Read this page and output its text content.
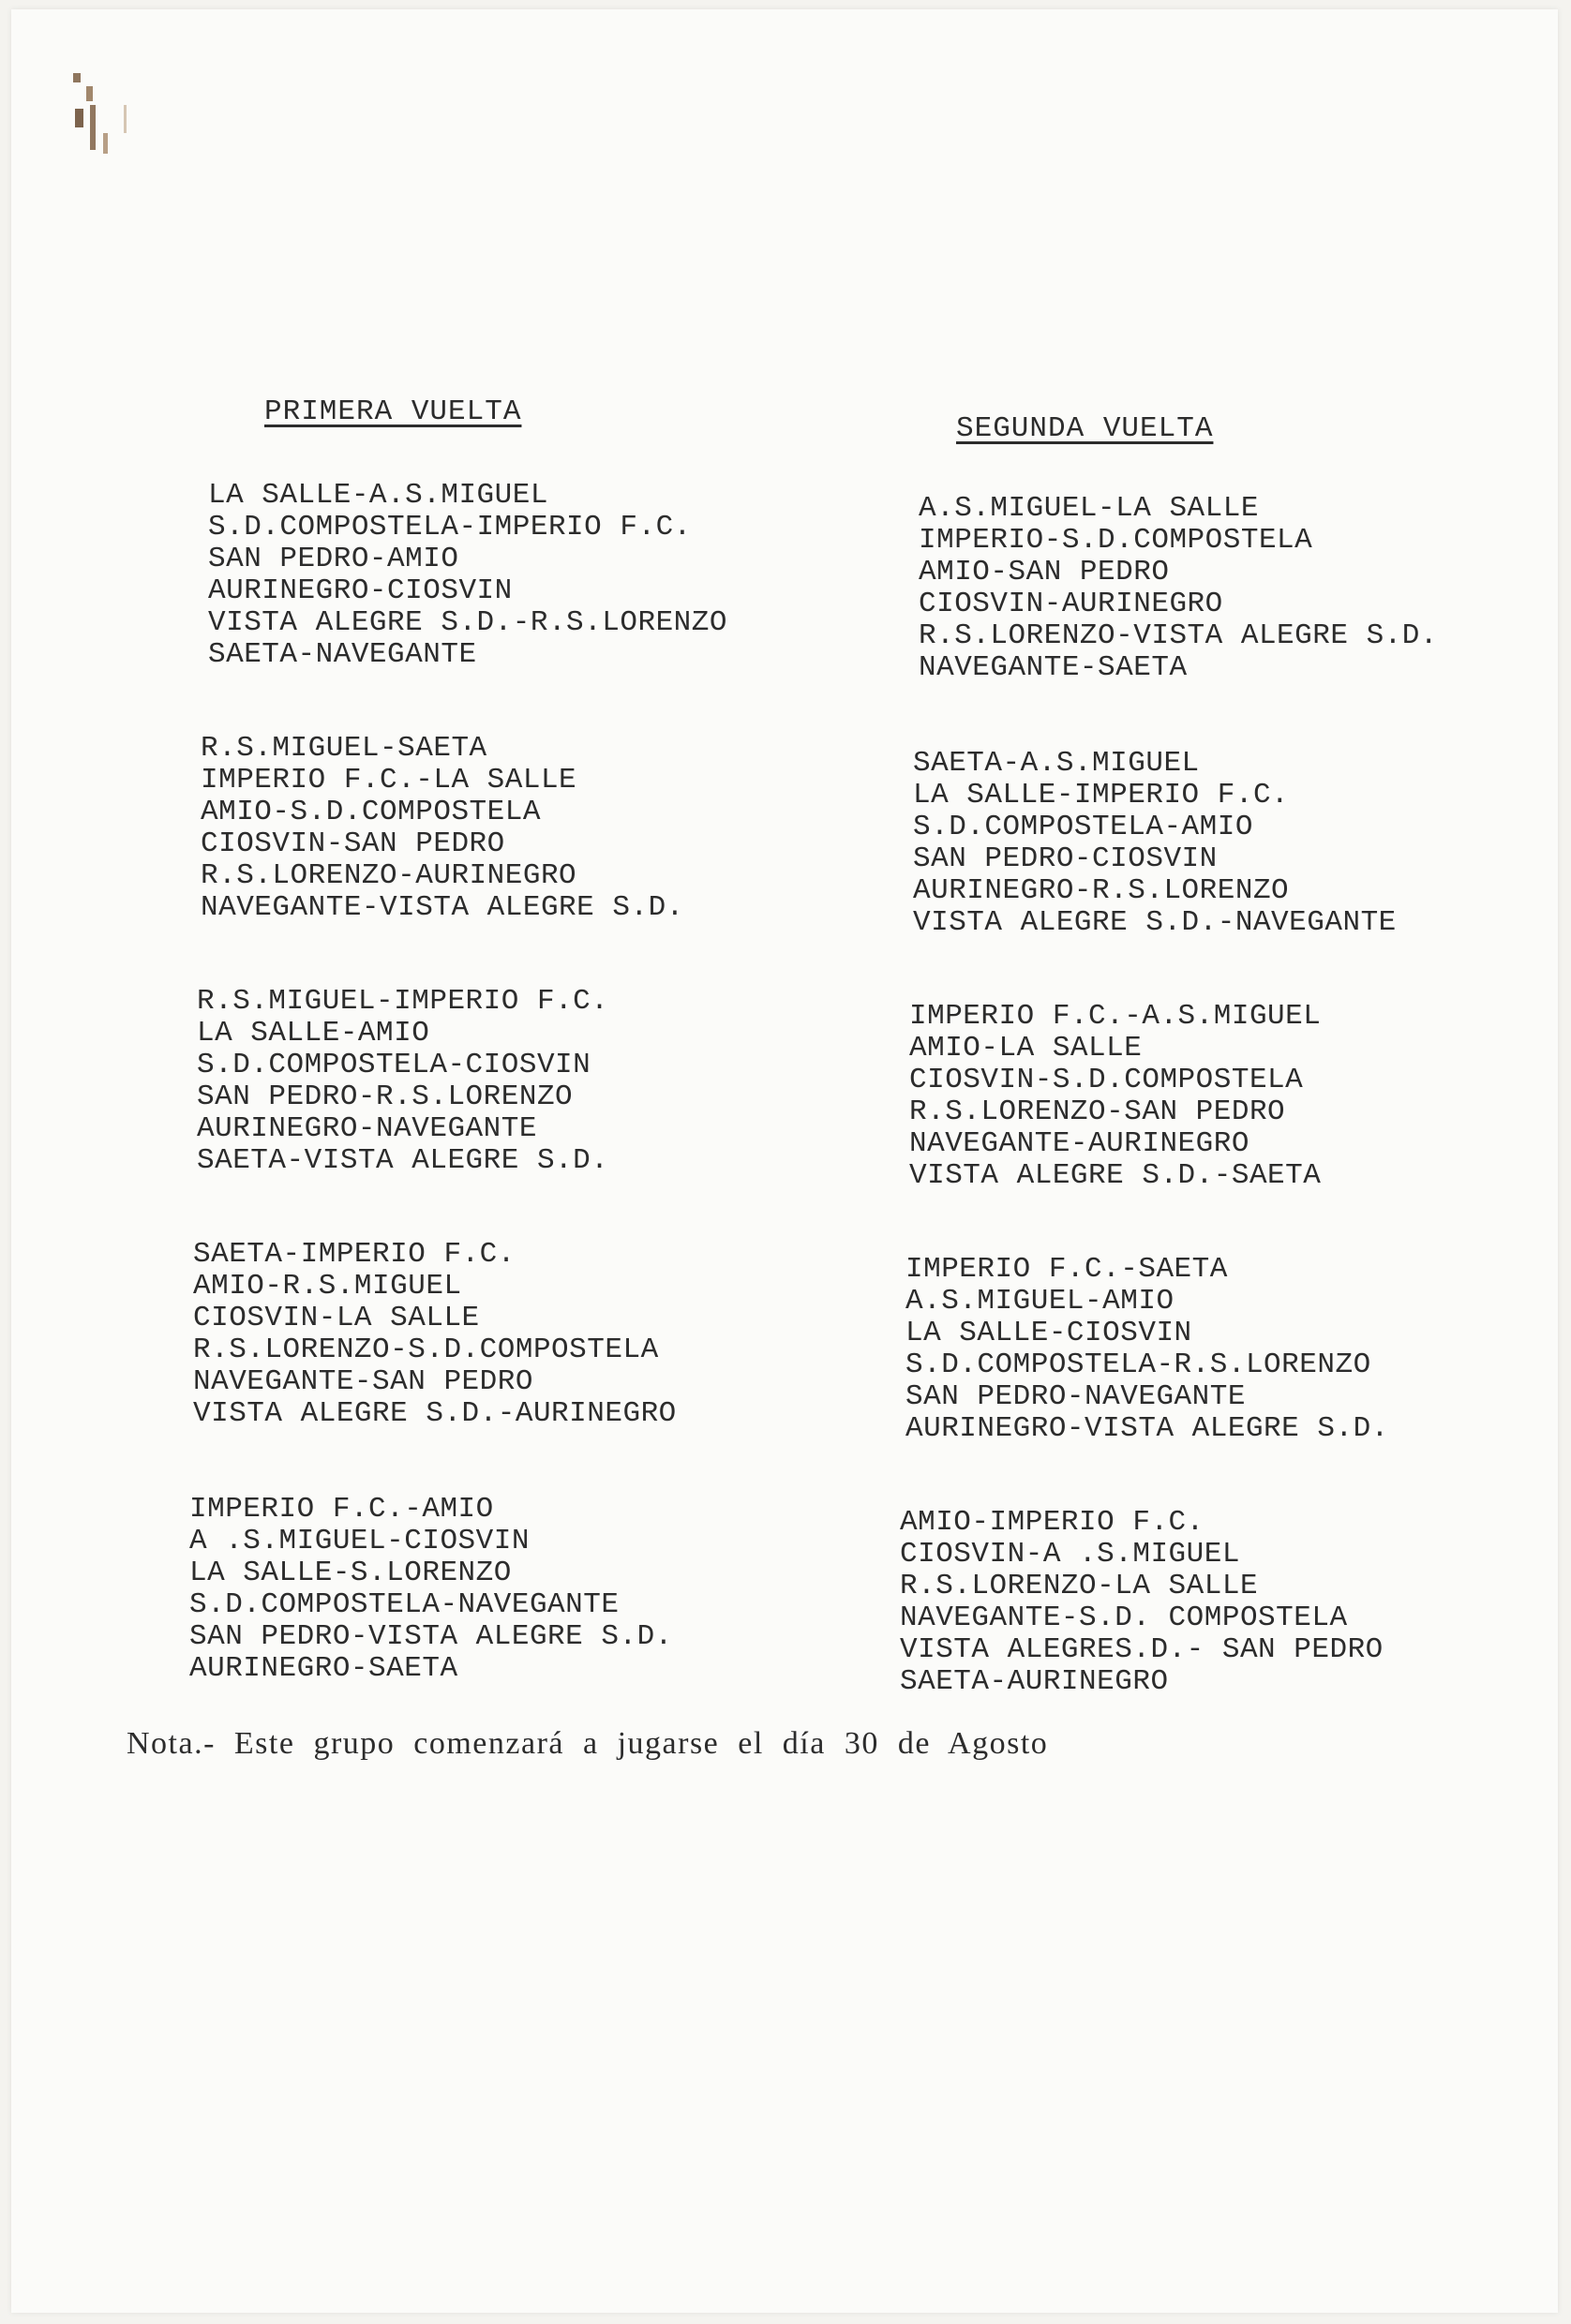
PRIMERA VUELTA
SEGUNDA VUELTA
LA SALLE-A.S.MIGUEL
S.D.COMPOSTELA-IMPERIO F.C.
SAN PEDRO-AMIO
AURINEGRO-CIOSVIN
VISTA ALEGRE S.D.-R.S.LORENZO
SAETA-NAVEGANTE
R.S.MIGUEL-SAETA
IMPERIO F.C.-LA SALLE
AMIO-S.D.COMPOSTELA
CIOSVIN-SAN PEDRO
R.S.LORENZO-AURINEGRO
NAVEGANTE-VISTA ALEGRE S.D.
R.S.MIGUEL-IMPERIO F.C.
LA SALLE-AMIO
S.D.COMPOSTELA-CIOSVIN
SAN PEDRO-R.S.LORENZO
AURINEGRO-NAVEGANTE
SAETA-VISTA ALEGRE S.D.
SAETA-IMPERIO F.C.
AMIO-R.S.MIGUEL
CIOSVIN-LA SALLE
R.S.LORENZO-S.D.COMPOSTELA
NAVEGANTE-SAN PEDRO
VISTA ALEGRE S.D.-AURINEGRO
IMPERIO F.C.-AMIO
A .S.MIGUEL-CIOSVIN
LA SALLE-S.LORENZO
S.D.COMPOSTELA-NAVEGANTE
SAN PEDRO-VISTA ALEGRE S.D.
AURINEGRO-SAETA
A.S.MIGUEL-LA SALLE
IMPERIO-S.D.COMPOSTELA
AMIO-SAN PEDRO
CIOSVIN-AURINEGRO
R.S.LORENZO-VISTA ALEGRE S.D.
NAVEGANTE-SAETA
SAETA-A.S.MIGUEL
LA SALLE-IMPERIO F.C.
S.D.COMPOSTELA-AMIO
SAN PEDRO-CIOSVIN
AURINEGRO-R.S.LORENZO
VISTA ALEGRE S.D.-NAVEGANTE
IMPERIO F.C.-A.S.MIGUEL
AMIO-LA SALLE
CIOSVIN-S.D.COMPOSTELA
R.S.LORENZO-SAN PEDRO
NAVEGANTE-AURINEGRO
VISTA ALEGRE S.D.-SAETA
IMPERIO F.C.-SAETA
A.S.MIGUEL-AMIO
LA SALLE-CIOSVIN
S.D.COMPOSTELA-R.S.LORENZO
SAN PEDRO-NAVEGANTE
AURINEGRO-VISTA ALEGRE S.D.
AMIO-IMPERIO F.C.
CIOSVIN-A .S.MIGUEL
R.S.LORENZO-LA SALLE
NAVEGANTE-S.D. COMPOSTELA
VISTA ALEGRES.D.- SAN PEDRO
SAETA-AURINEGRO
Nota.- Este grupo comenzará a jugarse el día 30 de Agosto
